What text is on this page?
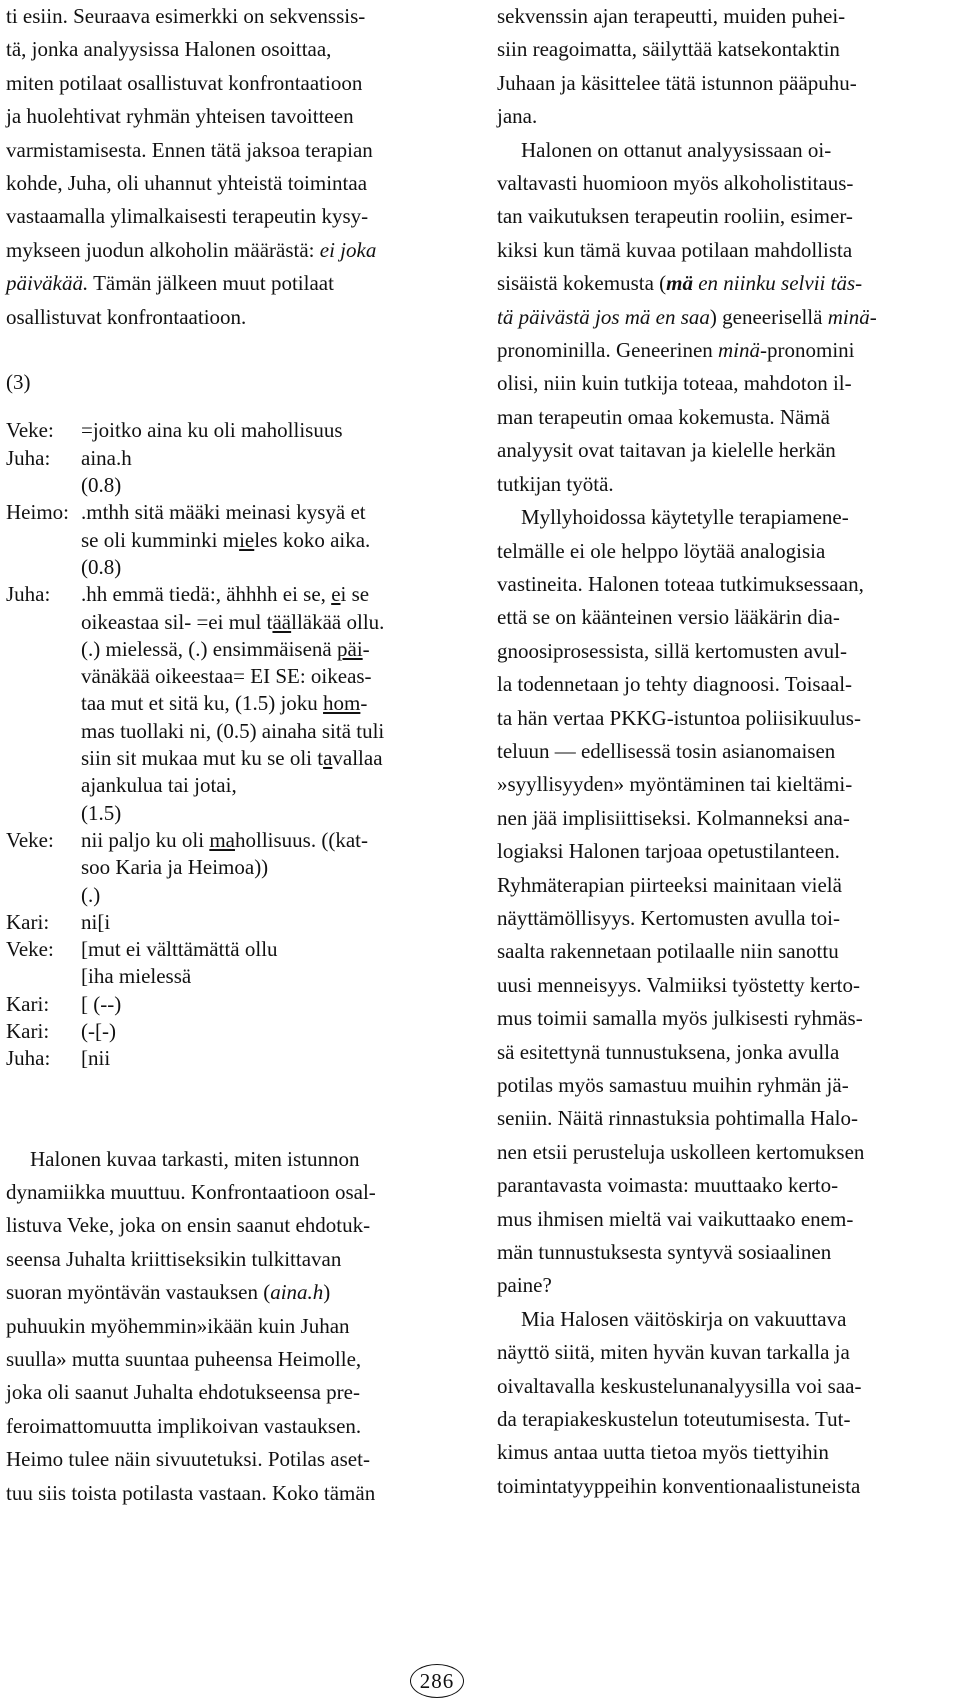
ti esiin. Seuraava esimerkki on sekvenssis-
tä, jonka analyysissa Halonen osoittaa,
miten potilaat osallistuvat konfrontaatioon
ja huolehtivat ryhmän yhteisen tavoitteen
varmistamisesta. Ennen tätä jaksoa terapian
kohde, Juha, oli uhannut yhteistä toimintaa
vastaamalla ylimalkaisesti terapeutin kysy-
mykseen juodun alkoholin määrästä: ei joka
päiväkää. Tämän jälkeen muut potilaat
osallistuvat konfrontaatioon.
(3)
Veke:	=joitko aina ku oli mahollisuus
Juha:	aina.h
(0.8)
Heimo: .mthh sitä määki meinasi kysyä et
se oli kumminki mieles koko aika.
(0.8)
Juha:	.hh emmä tiedä:, ähhhh ei se, ei se
oikeastaa sil- =ei mul täälläkää ollu.
(.) mielessä, (.) ensimmäisenä päi-
vänäkää oikeestaa= EI SE: oikeas-
taa mut et sitä ku, (1.5) joku hom-
mas tuollaki ni, (0.5) ainaha sitä tuli
siin sit mukaa mut ku se oli tavallaa
ajankulua tai jotai,
(1.5)
Veke:	nii paljo ku oli mahollisuus. ((kat-
soo Karia ja Heimoa))
(.)
Kari:	ni[i
Veke:	[mut ei välttämättä ollu
[iha mielessä
Kari:	[ (--)
Kari:	(-[-)
Juha:	[nii
Halonen kuvaa tarkasti, miten istunnon
dynamiikka muuttuu. Konfrontaatioon osal-
listuva Veke, joka on ensin saanut ehdotuk-
seensa Juhalta kriittiseksikin tulkittavan
suoran myöntävän vastauksen (aina.h)
puhuukin myöhemmin»ikään kuin Juhan
suulla» mutta suuntaa puheensa Heimolle,
joka oli saanut Juhalta ehdotukseensa pre-
feroimattomuutta implikoivan vastauksen.
Heimo tulee näin sivuutetuksi. Potilas aset-
tuu siis toista potilasta vastaan. Koko tämän
sekvenssin ajan terapeutti, muiden puhei-
siin reagoimatta, säilyttää katsekontaktin
Juhaan ja käsittelee tätä istunnon pääpuhu-
jana.
Halonen on ottanut analyysissaan oi-
valtavasti huomioon myös alkoholistitaus-
tan vaikutuksen terapeutin rooliin, esimer-
kiksi kun tämä kuvaa potilaan mahdollista
sisäistä kokemusta (mä en niinku selvii täs-
tä päivästä jos mä en saa) geneerisellä minä-
pronominilla. Geneerinen minä-pronomini
olisi, niin kuin tutkija toteaa, mahdoton il-
man terapeutin omaa kokemusta. Nämä
analyysit ovat taitavan ja kielelle herkän
tutkijan työtä.
Myllyhoidossa käytetylle terapiamene-
telmälle ei ole helppo löytää analogisia
vastineita. Halonen toteaa tutkimuksessaan,
että se on käänteinen versio lääkärin dia-
gnoosiprosessista, sillä kertomusten avul-
la todennetaan jo tehty diagnoosi. Toisaal-
ta hän vertaa PKKG-istuntoa poliisikuulus-
teluun — edellisessä tosin asianomaisen
»syyllisyyden» myöntäminen tai kieltämi-
nen jää implisiittiseksi. Kolmanneksi ana-
logiaksi Halonen tarjoaa opetustilanteen.
Ryhmäterapian piirteeksi mainitaan vielä
näyttämöllisyys. Kertomusten avulla toi-
saalta rakennetaan potilaalle niin sanottu
uusi menneisyys. Valmiiksi työstetty kerto-
mus toimii samalla myös julkisesti ryhmäs-
sä esitettynä tunnustuksena, jonka avulla
potilas myös samastuu muihin ryhmän jä-
seniin. Näitä rinnastuksia pohtimalla Halo-
nen etsii perusteluja uskolleen kertomuksen
parantavasta voimasta: muuttaako kerto-
mus ihmisen mieltä vai vaikuttaako enem-
män tunnustuksesta syntyvä sosiaalinen
paine?
Mia Halosen väitöskirja on vakuuttava
näyttö siitä, miten hyvän kuvan tarkalla ja
oivaltavalla keskustelunanalyysilla voi saa-
da terapiakeskustelun toteutumisesta. Tut-
kimus antaa uutta tietoa myös tiettyihin
toimintatyyppeihin konventionaalistuneista
286
